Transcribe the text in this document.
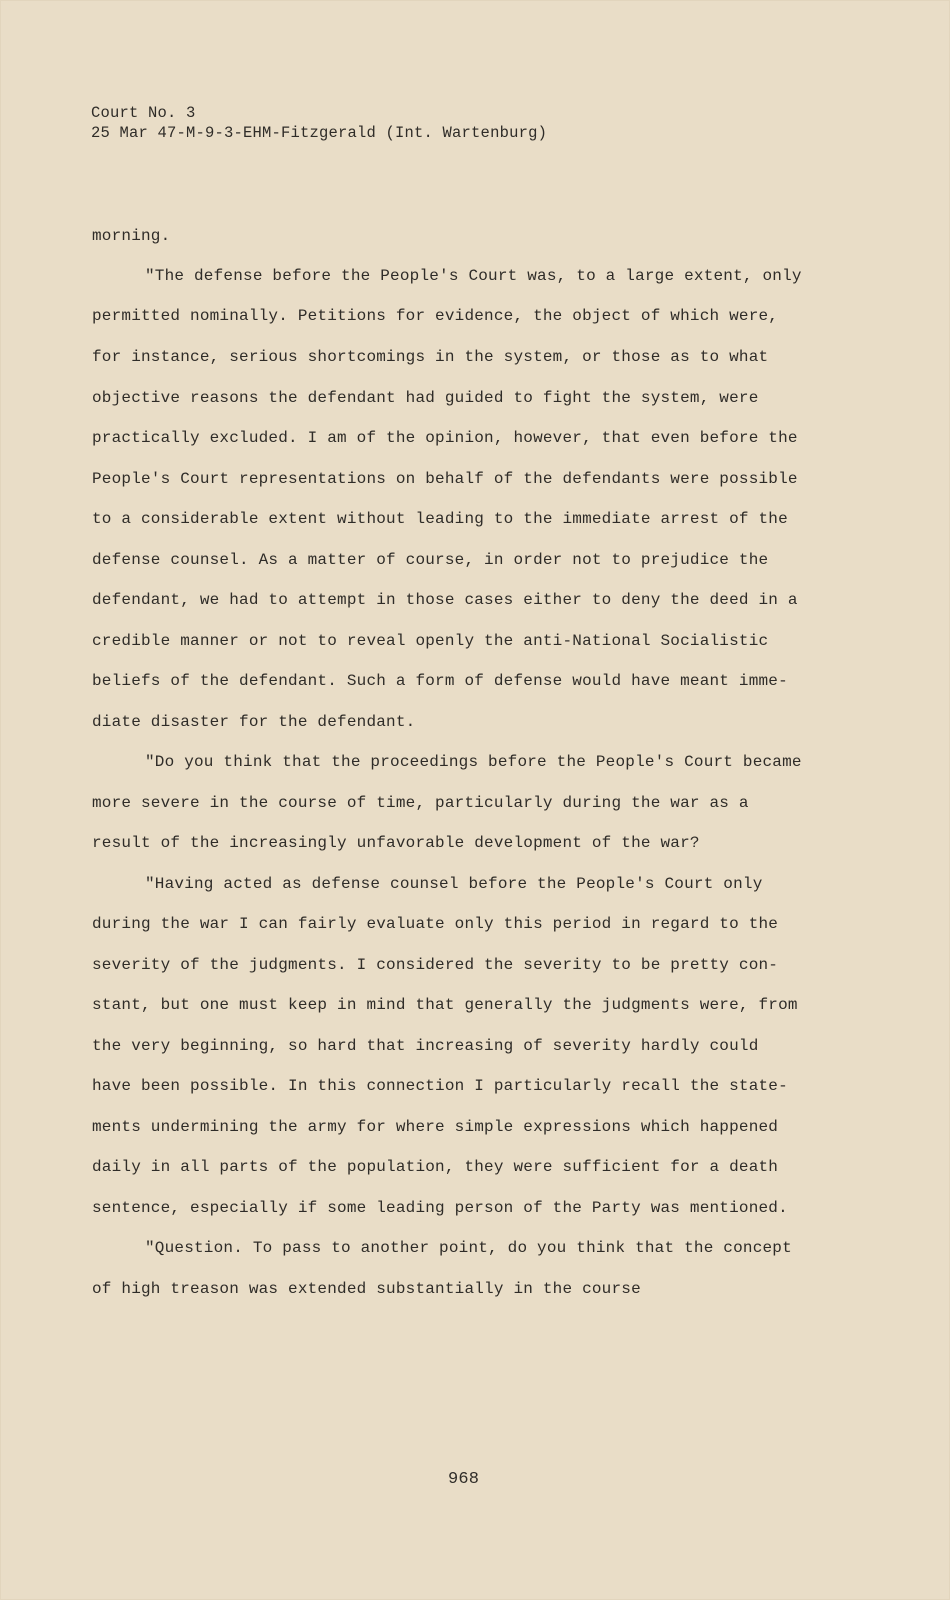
Court No. 3
25 Mar 47-M-9-3-EHM-Fitzgerald (Int. Wartenburg)
morning.
"The defense before the People's Court was, to a large extent, only
permitted nominally. Petitions for evidence, the object of which were,
for instance, serious shortcomings in the system, or those as to what
objective reasons the defendant had guided to fight the system, were
practically excluded. I am of the opinion, however, that even before the
People's Court representations on behalf of the defendants were possible
to a considerable extent without leading to the immediate arrest of the
defense counsel. As a matter of course, in order not to prejudice the
defendant, we had to attempt in those cases either to deny the deed in a
credible manner or not to reveal openly the anti-National Socialistic
beliefs of the defendant. Such a form of defense would have meant imme-
diate disaster for the defendant.
"Do you think that the proceedings before the People's Court became
more severe in the course of time, particularly during the war as a
result of the increasingly unfavorable development of the war?
"Having acted as defense counsel before the People's Court only
during the war I can fairly evaluate only this period in regard to the
severity of the judgments. I considered the severity to be pretty con-
stant, but one must keep in mind that generally the judgments were, from
the very beginning, so hard that increasing of severity hardly could
have been possible. In this connection I particularly recall the state-
ments undermining the army for where simple expressions which happened
daily in all parts of the population, they were sufficient for a death
sentence, especially if some leading person of the Party was mentioned.
"Question. To pass to another point, do you think that the concept
of high treason was extended substantially in the course
968
